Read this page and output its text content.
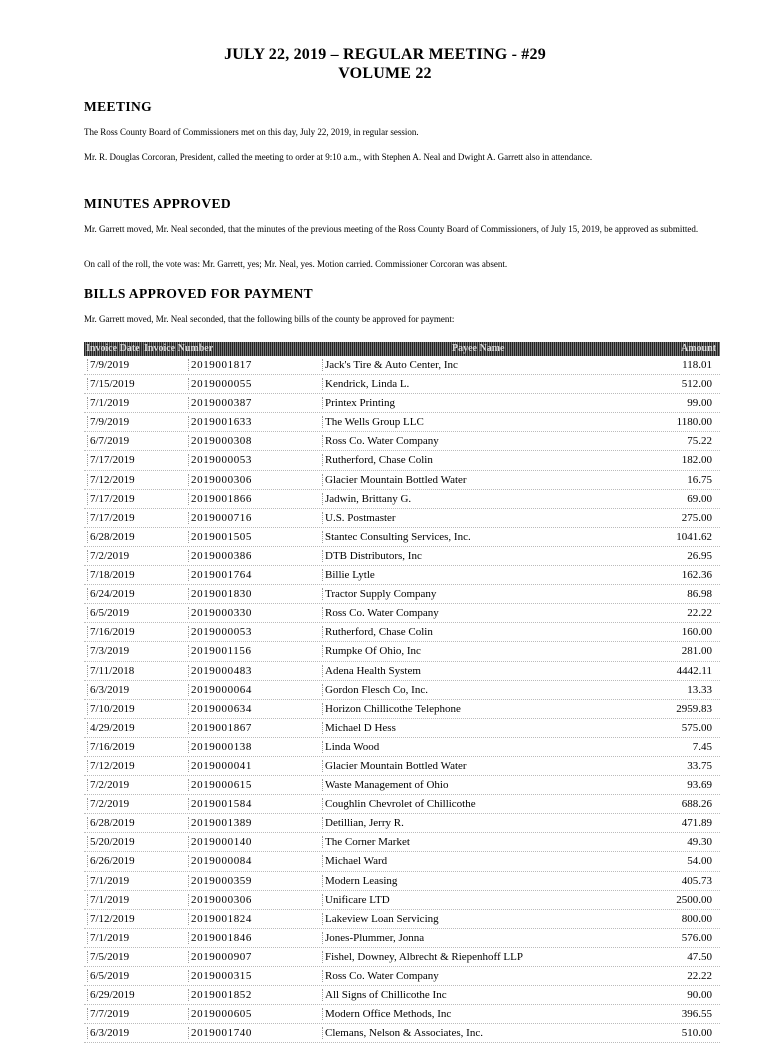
JULY 22, 2019 – REGULAR MEETING - #29
VOLUME 22
MEETING
The Ross County Board of Commissioners met on this day, July 22, 2019, in regular session.
Mr. R. Douglas Corcoran, President, called the meeting to order at 9:10 a.m., with Stephen A. Neal and Dwight A. Garrett also in attendance.
MINUTES APPROVED
Mr. Garrett moved, Mr. Neal seconded, that the minutes of the previous meeting of the Ross County Board of Commissioners, of July 15, 2019, be approved as submitted.
On call of the roll, the vote was: Mr. Garrett, yes; Mr. Neal, yes. Motion carried. Commissioner Corcoran was absent.
BILLS APPROVED FOR PAYMENT
Mr. Garrett moved, Mr. Neal seconded, that the following bills of the county be approved for payment:
Invoice Date Invoice Number	Payee Name	Amount
7/9/2019	2019001817	Jack's Tire & Auto Center, Inc	118.01
7/15/2019	2019000055	Kendrick, Linda L.	512.00
7/1/2019	2019000387	Printex Printing	99.00
7/9/2019	2019001633	The Wells Group LLC	1180.00
6/7/2019	2019000308	Ross Co. Water Company	75.22
7/17/2019	2019000053	Rutherford, Chase Colin	182.00
7/12/2019	2019000306	Glacier Mountain Bottled Water	16.75
7/17/2019	2019001866	Jadwin, Brittany G.	69.00
7/17/2019	2019000716	U.S. Postmaster	275.00
6/28/2019	2019001505	Stantec Consulting Services, Inc.	1041.62
7/2/2019	2019000386	DTB Distributors, Inc	26.95
7/18/2019	2019001764	Billie Lytle	162.36
6/24/2019	2019001830	Tractor Supply Company	86.98
6/5/2019	2019000330	Ross Co. Water Company	22.22
7/16/2019	2019000053	Rutherford, Chase Colin	160.00
7/3/2019	2019001156	Rumpke Of Ohio, Inc	281.00
7/11/2018	2019000483	Adena Health System	4442.11
6/3/2019	2019000064	Gordon Flesch Co, Inc.	13.33
7/10/2019	2019000634	Horizon Chillicothe Telephone	2959.83
4/29/2019	2019001867	Michael D Hess	575.00
7/16/2019	2019000138	Linda Wood	7.45
7/12/2019	2019000041	Glacier Mountain Bottled Water	33.75
7/2/2019	2019000615	Waste Management of Ohio	93.69
7/2/2019	2019001584	Coughlin Chevrolet of Chillicothe	688.26
6/28/2019	2019001389	Detillian, Jerry R.	471.89
5/20/2019	2019000140	The Corner Market	49.30
6/26/2019	2019000084	Michael Ward	54.00
7/1/2019	2019000359	Modern Leasing	405.73
7/1/2019	2019000306	Unificare LTD	2500.00
7/12/2019	2019001824	Lakeview Loan Servicing	800.00
7/1/2019	2019001846	Jones-Plummer, Jonna	576.00
7/5/2019	2019000907	Fishel, Downey, Albrecht & Riepenhoff LLP	47.50
6/5/2019	2019000315	Ross Co. Water Company	22.22
6/29/2019	2019001852	All Signs of Chillicothe Inc	90.00
7/7/2019	2019000605	Modern Office Methods, Inc	396.55
6/3/2019	2019001740	Clemans, Nelson & Associates, Inc.	510.00
